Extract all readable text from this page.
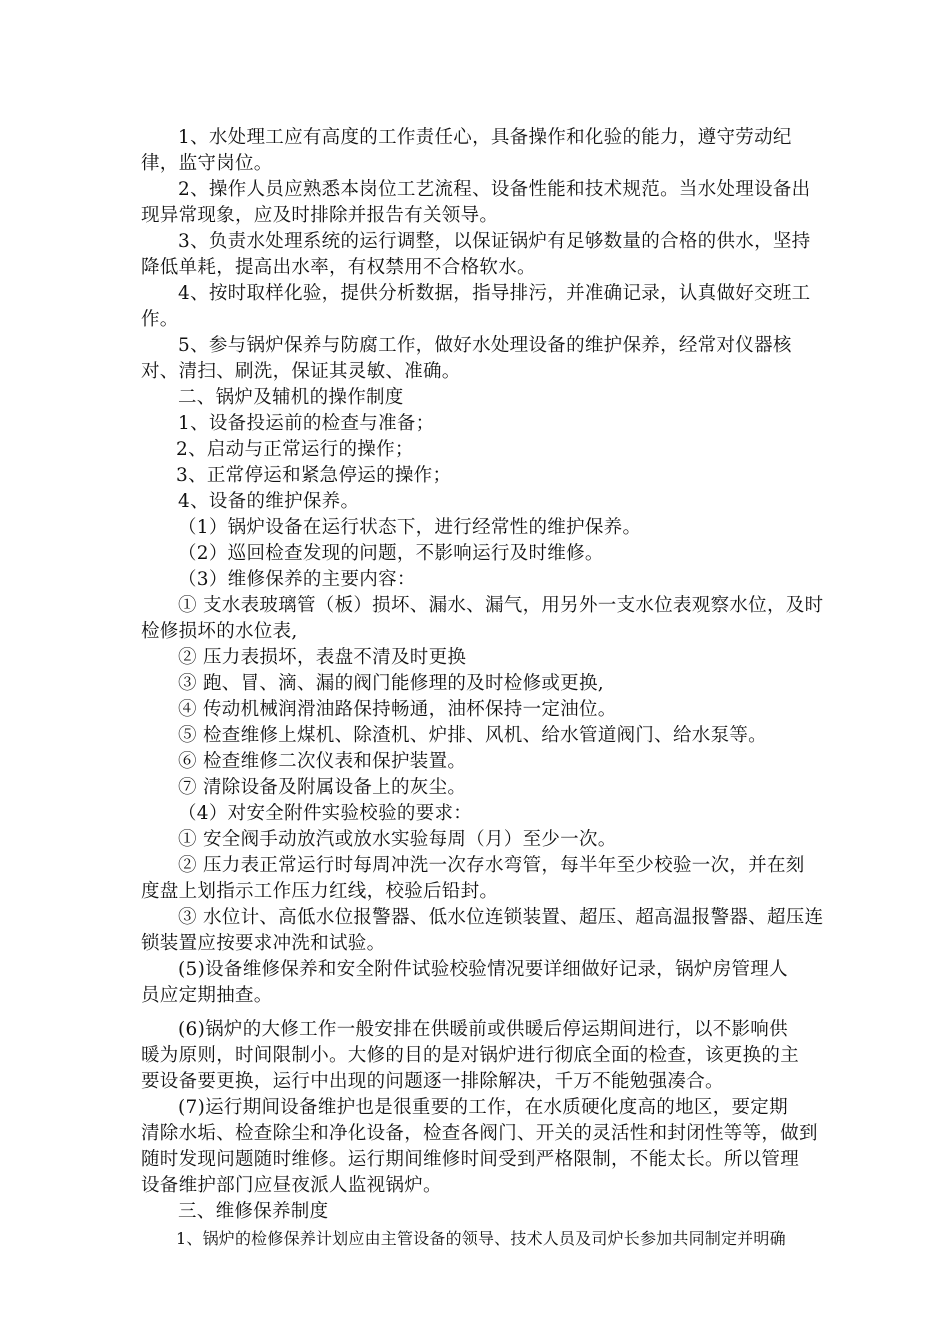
1、水处理工应有高度的工作责任心，具备操作和化验的能力，遵守劳动纪
律，监守岗位。
2、操作人员应熟悉本岗位工艺流程、设备性能和技术规范。当水处理设备出
现异常现象，应及时排除并报告有关领导。
3、负责水处理系统的运行调整，以保证锅炉有足够数量的合格的供水，坚持
降低单耗，提高出水率，有权禁用不合格软水。
4、按时取样化验，提供分析数据，指导排污，并准确记录，认真做好交班工
作。
5、参与锅炉保养与防腐工作，做好水处理设备的维护保养，经常对仪器核
对、清扫、刷洗，保证其灵敏、准确。
二、锅炉及辅机的操作制度
1、设备投运前的检查与准备；
2、启动与正常运行的操作；
3、正常停运和紧急停运的操作；
4、设备的维护保养。
（1）锅炉设备在运行状态下，进行经常性的维护保养。
（2）巡回检查发现的问题，不影响运行及时维修。
（3）维修保养的主要内容：
① 支水表玻璃管（板）损坏、漏水、漏气，用另外一支水位表观察水位，及时
检修损坏的水位表,
② 压力表损坏，表盘不清及时更换
③ 跑、冒、滴、漏的阀门能修理的及时检修或更换,
④ 传动机械润滑油路保持畅通，油杯保持一定油位。
⑤ 检查维修上煤机、除渣机、炉排、风机、给水管道阀门、给水泵等。
⑥ 检查维修二次仪表和保护装置。
⑦ 清除设备及附属设备上的灰尘。
（4）对安全附件实验校验的要求：
① 安全阀手动放汽或放水实验每周（月）至少一次。
② 压力表正常运行时每周冲洗一次存水弯管，每半年至少校验一次，并在刻
度盘上划指示工作压力红线，校验后铅封。
③ 水位计、高低水位报警器、低水位连锁装置、超压、超高温报警器、超压连
锁装置应按要求冲洗和试验。
(5)设备维修保养和安全附件试验校验情况要详细做好记录，锅炉房管理人
员应定期抽查。
(6)锅炉的大修工作一般安排在供暖前或供暖后停运期间进行，以不影响供
暖为原则，时间限制小。大修的目的是对锅炉进行彻底全面的检查，该更换的主
要设备要更换，运行中出现的问题逐一排除解决，千万不能勉强凑合。
(7)运行期间设备维护也是很重要的工作，在水质硬化度高的地区，要定期
清除水垢、检查除尘和净化设备，检查各阀门、开关的灵活性和封闭性等等，做到
随时发现问题随时维修。运行期间维修时间受到严格限制，不能太长。所以管理
设备维护部门应昼夜派人监视锅炉。
三、维修保养制度
1、锅炉的检修保养计划应由主管设备的领导、技术人员及司炉长参加共同制定并明确
